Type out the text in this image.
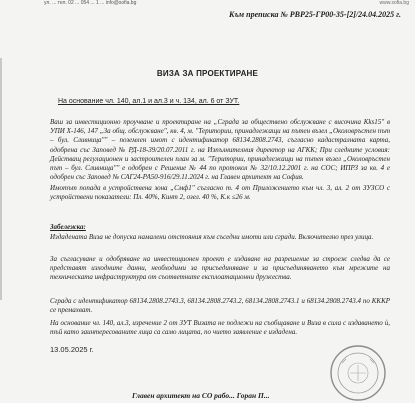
ул. ... тел. 02 ... 054 ... 1 ... info@sofia.bg	www.sofia.bg
Към преписка № РВР25-ГР00-35-[2]/24.04.2025 г.
ВИЗА ЗА ПРОЕКТИРАНЕ
На основание чл. 140, ал.1 и ал.3 и ч. 134, ал. 6 от ЗУТ.

Ваш за инвестиционно проучване и проектиране на „Сграда за обществено обслужване с височина Kks15" в УПИ Х-146, 147 „За общ. обслужване", кв. 4, м. "Територии, принадлежащи на пътен възел „Околовръстен път – бул. Сливница"" – поземлен имот с идентификатор 68134.2808.2743, съгласно кадастралната карта, одобрена със Заповед № РД-18-39/20.07.2011 г. на Изпълнителния директор на АГКК; При следните условия: Действащ регулационен и застроителен план за м. "Територии, принадлежащи на пътен възел „Околовръстен път – бул. Сливница"" е одобрен с Решение № 44 по протокол № 32/10.12.2001 г. на СОС; ИПРЗ за кв. 4 е одобрен със Заповед № САГ24-РА50-916/29.11.2024 г. на Главен архитект на София.

Имотът попада в устройствена зона „Смф1" съгласно т. 4 от Приложението към чл. 3, ал. 2 от ЗУЗСО с устройствени показатели: Пл. 40%, Кинт 2, озел. 40 %, К.к ≤26 м.

Забележка:

Издадената Виза не допуска намалени отстояния към съседни имоти или сгради. Включително през улица.

За съгласуване и одобряване на инвестиционен проект е издаване на разрешение за строеж следва да се представят изходните данни, необходими за присъединяване и за присъединяването към мрежите на техническата инфраструктура от съответните експлоатационни дружества.

Сграда с идентификатор 68134.2808.2743.3, 68134.2808.2743.2, 68134.2808.2743.1 и 68134.2808.2743.4 по КККР се премахват.

На основание чл. 140, ал.3, изречение 2 от ЗУТ Визата не подлежи на съобщаване и Виза в сила с издаването ѝ, тъй като заинтересованите лица са само лицата, по чието заявление е издадена.

13.05.2025 г.
Главен архитект на СО рабо... Горан П...
